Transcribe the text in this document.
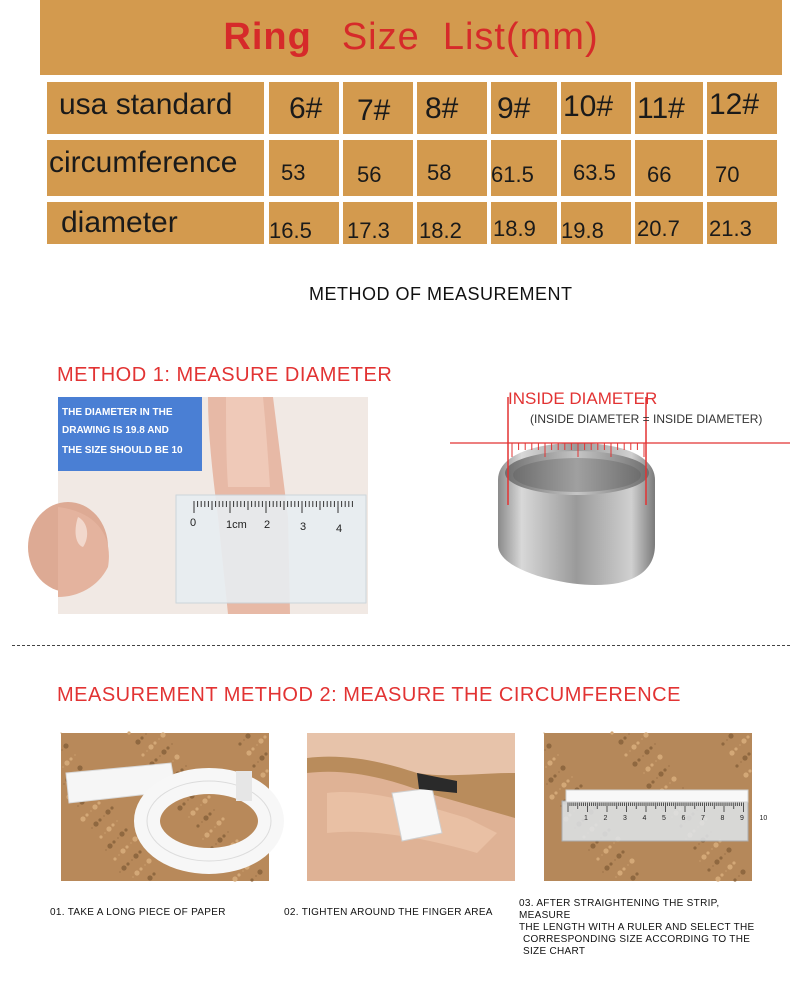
Ring Size  List(mm)
usa standard 6# 7# 8# 9# 10# 11# 12#
circumference 53 56 58 61.5 63.5 66 70
diameter	16.5 17.3 18.2 18.9 19.8 20.7 21.3
METHOD OF MEASUREMENT
METHOD 1: MEASURE DIAMETER
0	1cm 2	3	4
THE DIAMETER IN THE
DRAWING IS 19.8 AND
THE SIZE SHOULD BE 10
INSIDE DIAMETER
(INSIDE DIAMETER = INSIDE DIAMETER)
MEASUREMENT METHOD 2: MEASURE THE CIRCUMFERENCE
1 2 3 4 5 6 7 8 9 10
01. TAKE A LONG PIECE OF PAPER	02. TIGHTEN AROUND THE FINGER AREA
03. AFTER STRAIGHTENING THE STRIP,
MEASURE
THE LENGTH WITH A RULER AND SELECT THE
CORRESPONDING SIZE ACCORDING TO THE
SIZE CHART
